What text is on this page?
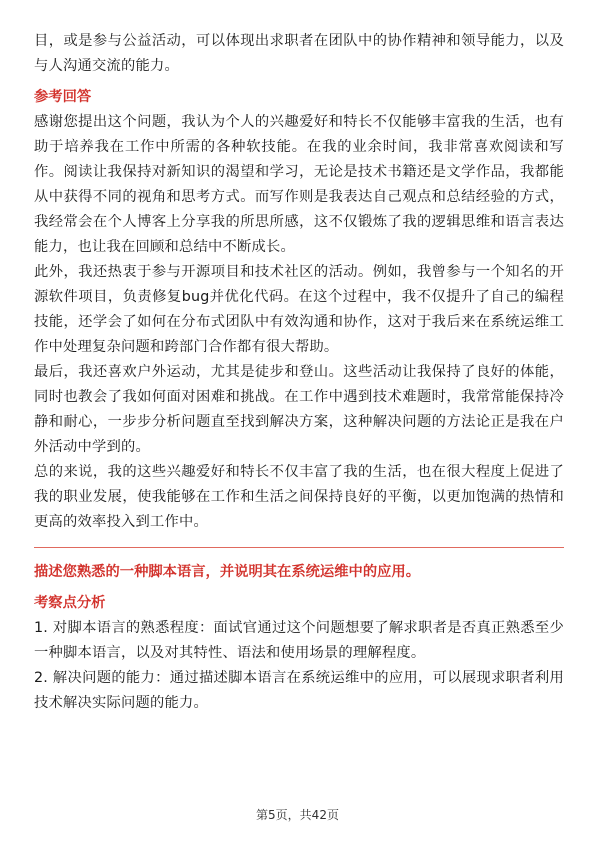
目，或是参与公益活动，可以体现出求职者在团队中的协作精神和领导能力，以及与人沟通交流的能力。

参考回答

感谢您提出这个问题，我认为个人的兴趣爱好和特长不仅能够丰富我的生活，也有助于培养我在工作中所需的各种软技能。在我的业余时间，我非常喜欢阅读和写作。阅读让我保持对新知识的渴望和学习，无论是技术书籍还是文学作品，我都能从中获得不同的视角和思考方式。而写作则是我表达自己观点和总结经验的方式，我经常会在个人博客上分享我的所思所感，这不仅锻炼了我的逻辑思维和语言表达能力，也让我在回顾和总结中不断成长。

此外，我还热衷于参与开源项目和技术社区的活动。例如，我曾参与一个知名的开源软件项目，负责修复bug并优化代码。在这个过程中，我不仅提升了自己的编程技能，还学会了如何在分布式团队中有效沟通和协作，这对于我后来在系统运维工作中处理复杂问题和跨部门合作都有很大帮助。

最后，我还喜欢户外运动，尤其是徒步和登山。这些活动让我保持了良好的体能，同时也教会了我如何面对困难和挑战。在工作中遇到技术难题时，我常常能保持冷静和耐心，一步步分析问题直至找到解决方案，这种解决问题的方法论正是我在户外活动中学到的。

总的来说，我的这些兴趣爱好和特长不仅丰富了我的生活，也在很大程度上促进了我的职业发展，使我能够在工作和生活之间保持良好的平衡，以更加饱满的热情和更高的效率投入到工作中。

描述您熟悉的一种脚本语言，并说明其在系统运维中的应用。

考察点分析

1. 对脚本语言的熟悉程度：面试官通过这个问题想要了解求职者是否真正熟悉至少一种脚本语言，以及对其特性、语法和使用场景的理解程度。

2. 解决问题的能力：通过描述脚本语言在系统运维中的应用，可以展现求职者利用技术解决实际问题的能力。

第5页，共42页
